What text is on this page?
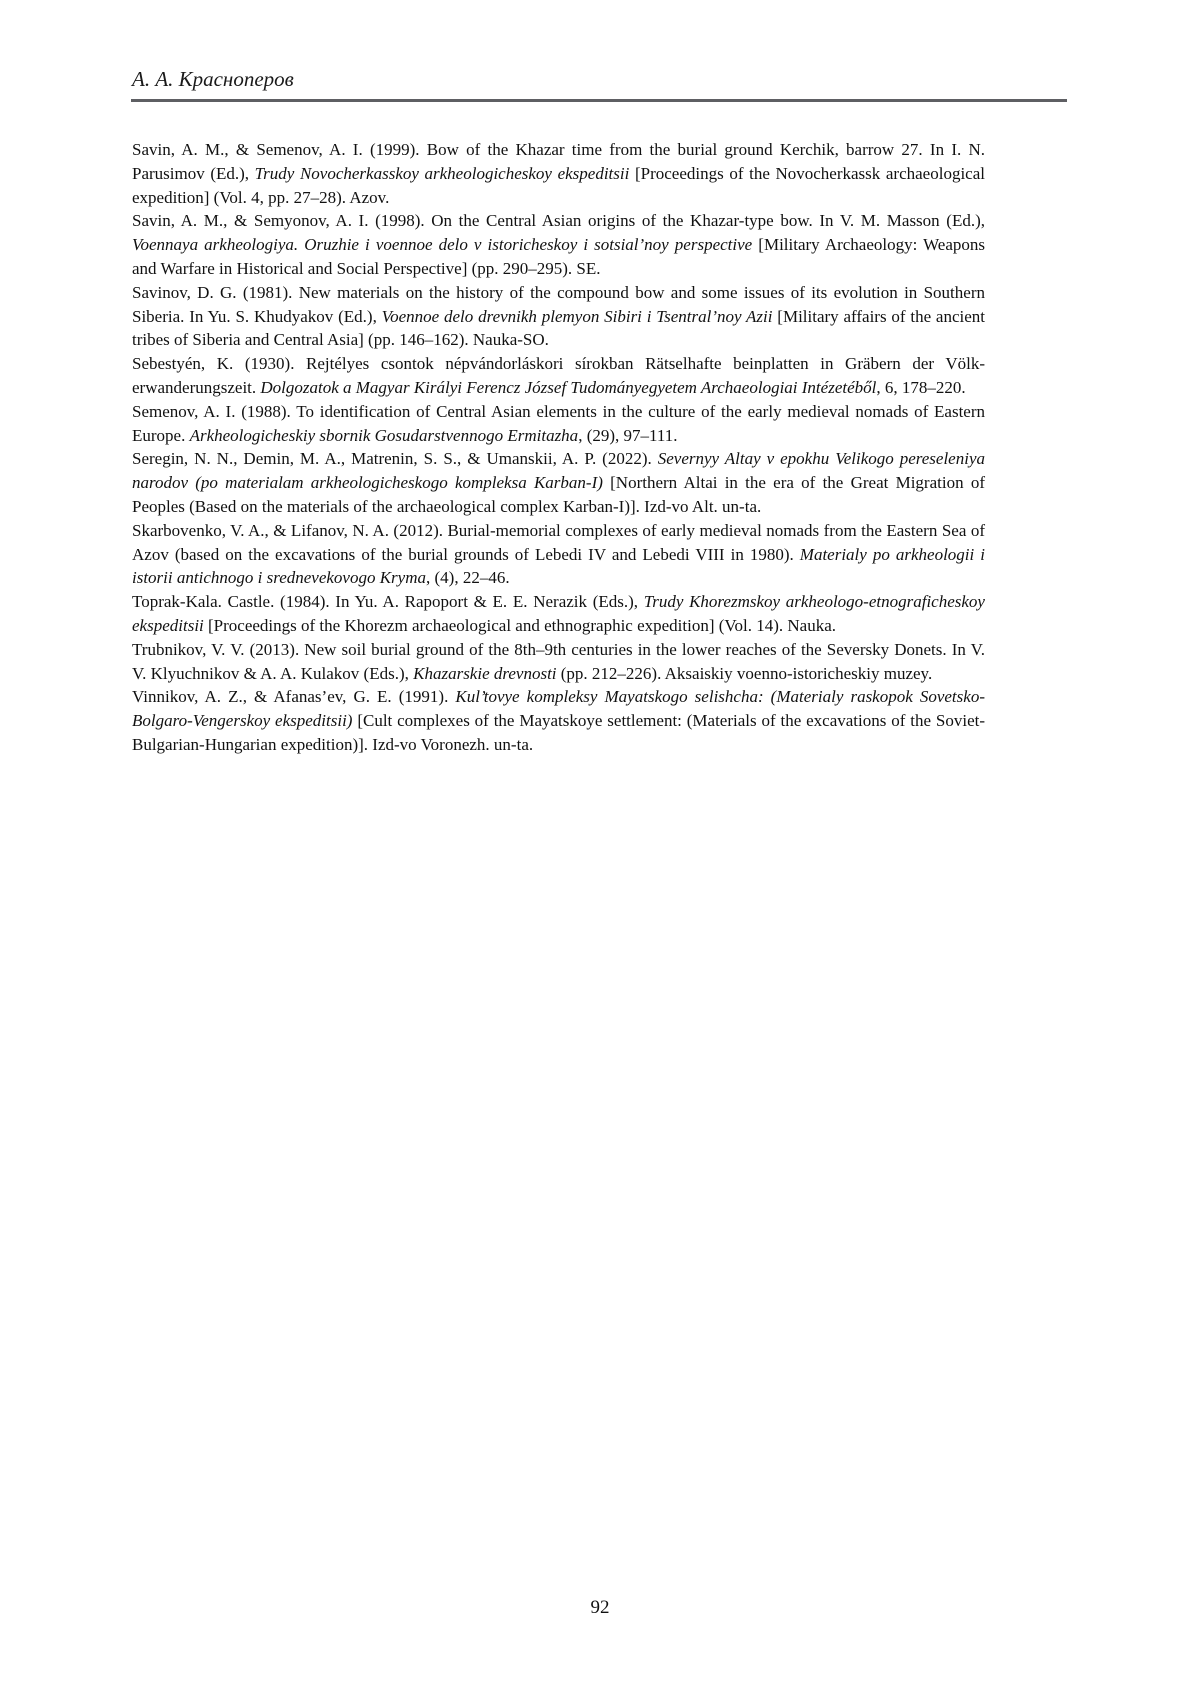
А. А. Красноперов

Savin, A. M., & Semenov, A. I. (1999). Bow of the Khazar time from the burial ground Kerchik, barrow 27. In I. N. Parusimov (Ed.), Trudy Novocherkasskoy arkheologicheskoy ekspeditsii [Proceedings of the Novocherkassk archaeological expedition] (Vol. 4, pp. 27–28). Azov.

Savin, A. M., & Semyonov, A. I. (1998). On the Central Asian origins of the Khazar-type bow. In V. M. Masson (Ed.), Voennaya arkheologiya. Oruzhie i voennoe delo v istoricheskoy i sotsial’noy perspective [Military Archaeology: Weapons and Warfare in Historical and Social Perspective] (pp. 290–295). SE.

Savinov, D. G. (1981). New materials on the history of the compound bow and some issues of its evolution in Southern Siberia. In Yu. S. Khudyakov (Ed.), Voennoe delo drevnikh plemyon Sibiri i Tsentral’noy Azii [Military affairs of the ancient tribes of Siberia and Central Asia] (pp. 146–162). Nauka-SO.

Sebestyén, K. (1930). Rejtélyes csontok népvándorláskori sírokban Rätselhafte beinplatten in Gräbern der Völkerwanderungszeit. Dolgozatok a Magyar Királyi Ferencz József Tudományegyetem Archaeologiai Intézetéből, 6, 178–220.

Semenov, A. I. (1988). To identification of Central Asian elements in the culture of the early medieval nomads of Eastern Europe. Arkheologicheskiy sbornik Gosudarstvennogo Ermitazha, (29), 97–111.

Seregin, N. N., Demin, M. A., Matrenin, S. S., & Umanskii, A. P. (2022). Severnyy Altay v epokhu Velikogo pereseleniya narodov (po materialam arkheologicheskogo kompleksa Karban-I) [Northern Altai in the era of the Great Migration of Peoples (Based on the materials of the archaeological complex Karban-I)]. Izd-vo Alt. un-ta.

Skarbovenko, V. A., & Lifanov, N. A. (2012). Burial-memorial complexes of early medieval nomads from the Eastern Sea of Azov (based on the excavations of the burial grounds of Lebedi IV and Lebedi VIII in 1980). Materialy po arkheologii i istorii antichnogo i srednevekovogo Kryma, (4), 22–46.

Toprak-Kala. Castle. (1984). In Yu. A. Rapoport & E. E. Nerazik (Eds.), Trudy Khorezmskoy arkheologo-etnograficheskoy ekspeditsii [Proceedings of the Khorezm archaeological and ethnographic expedition] (Vol. 14). Nauka.

Trubnikov, V. V. (2013). New soil burial ground of the 8th–9th centuries in the lower reaches of the Seversky Donets. In V. V. Klyuchnikov & A. A. Kulakov (Eds.), Khazarskie drevnosti (pp. 212–226). Aksaiskiy voenno-istoricheskiy muzey.

Vinnikov, A. Z., & Afanas’ev, G. E. (1991). Kul’tovye kompleksy Mayatskogo selishcha: (Materialy raskopok Sovetsko-Bolgaro-Vengerskoy ekspeditsii) [Cult complexes of the Mayatskoye settlement: (Materials of the excavations of the Soviet-Bulgarian-Hungarian expedition)]. Izd-vo Voronezh. un-ta.

92
